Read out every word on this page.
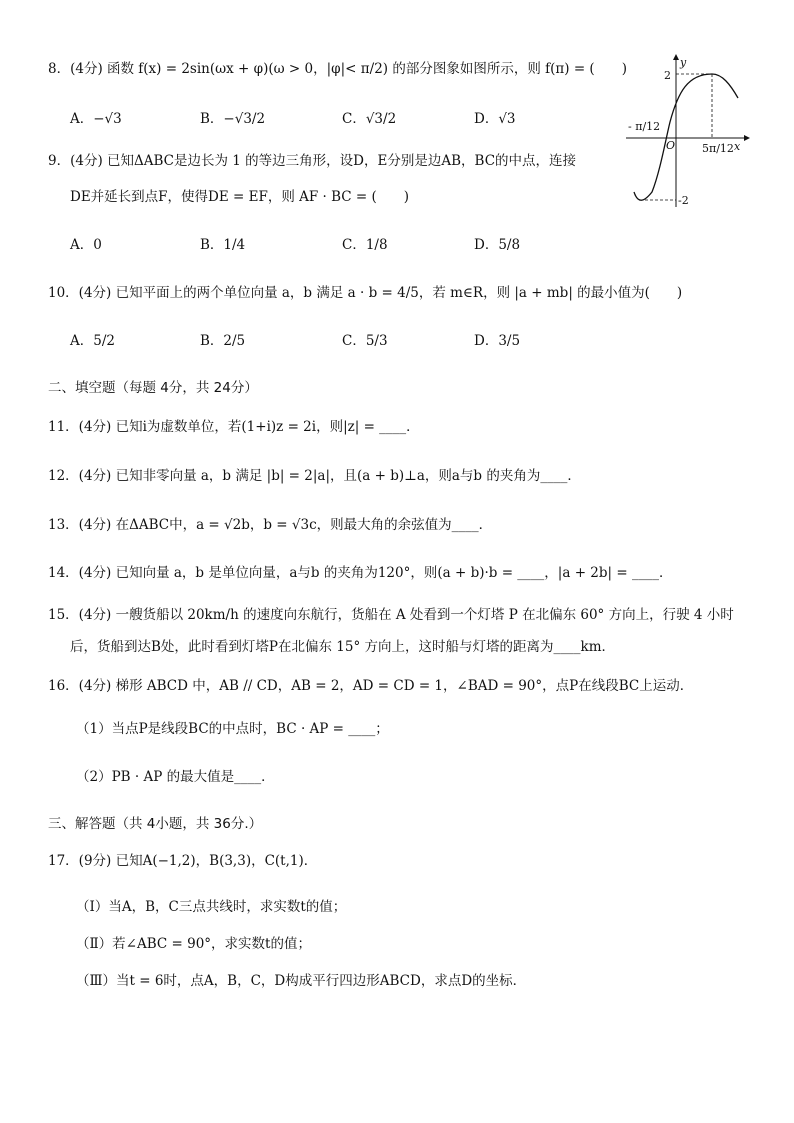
8．(4分) 函数 f(x) = 2sin(ωx + φ)(ω > 0，|φ|< π/2) 的部分图象如图所示，则 f(π) = (　　)
A．−√3	B．−√3/2	C．√3/2	D．√3
2
-2
y
x
O
- π/12
5π/12
9．(4分) 已知ΔABC是边长为 1 的等边三角形，设D，E分别是边AB，BC的中点，连接
DE并延长到点F，使得DE = EF，则 AF · BC = (　　)
A．0	B．1/4	C．1/8	D．5/8
10．(4分) 已知平面上的两个单位向量 a，b 满足 a · b = 4/5，若 m∈R，则 |a + mb| 的最小值为(　　)
A．5/2	B．2/5	C．5/3	D．3/5
二、填空题（每题 4分，共 24分）
11．(4分) 已知i为虚数单位，若(1+i)z = 2i，则|z| = ____．
12．(4分) 已知非零向量 a，b 满足 |b| = 2|a|，且(a + b)⊥a，则a与b 的夹角为____．
13．(4分) 在ΔABC中，a = √2b，b = √3c，则最大角的余弦值为____．
14．(4分) 已知向量 a，b 是单位向量，a与b 的夹角为120°，则(a + b)·b = ____，|a + 2b| = ____．
15．(4分) 一艘货船以 20km/h 的速度向东航行，货船在 A 处看到一个灯塔 P 在北偏东 60° 方向上，行驶 4 小时
后，货船到达B处，此时看到灯塔P在北偏东 15° 方向上，这时船与灯塔的距离为____km．
16．(4分) 梯形 ABCD 中，AB // CD，AB = 2，AD = CD = 1，∠BAD = 90°，点P在线段BC上运动．
（1）当点P是线段BC的中点时，BC · AP = ____；
（2）PB · AP 的最大值是____．
三、解答题（共 4小题，共 36分.）
17．(9分) 已知A(−1,2)，B(3,3)，C(t,1)．
（Ⅰ）当A，B，C三点共线时，求实数t的值；
（Ⅱ）若∠ABC = 90°，求实数t的值；
（Ⅲ）当t = 6时，点A，B，C，D构成平行四边形ABCD，求点D的坐标．
